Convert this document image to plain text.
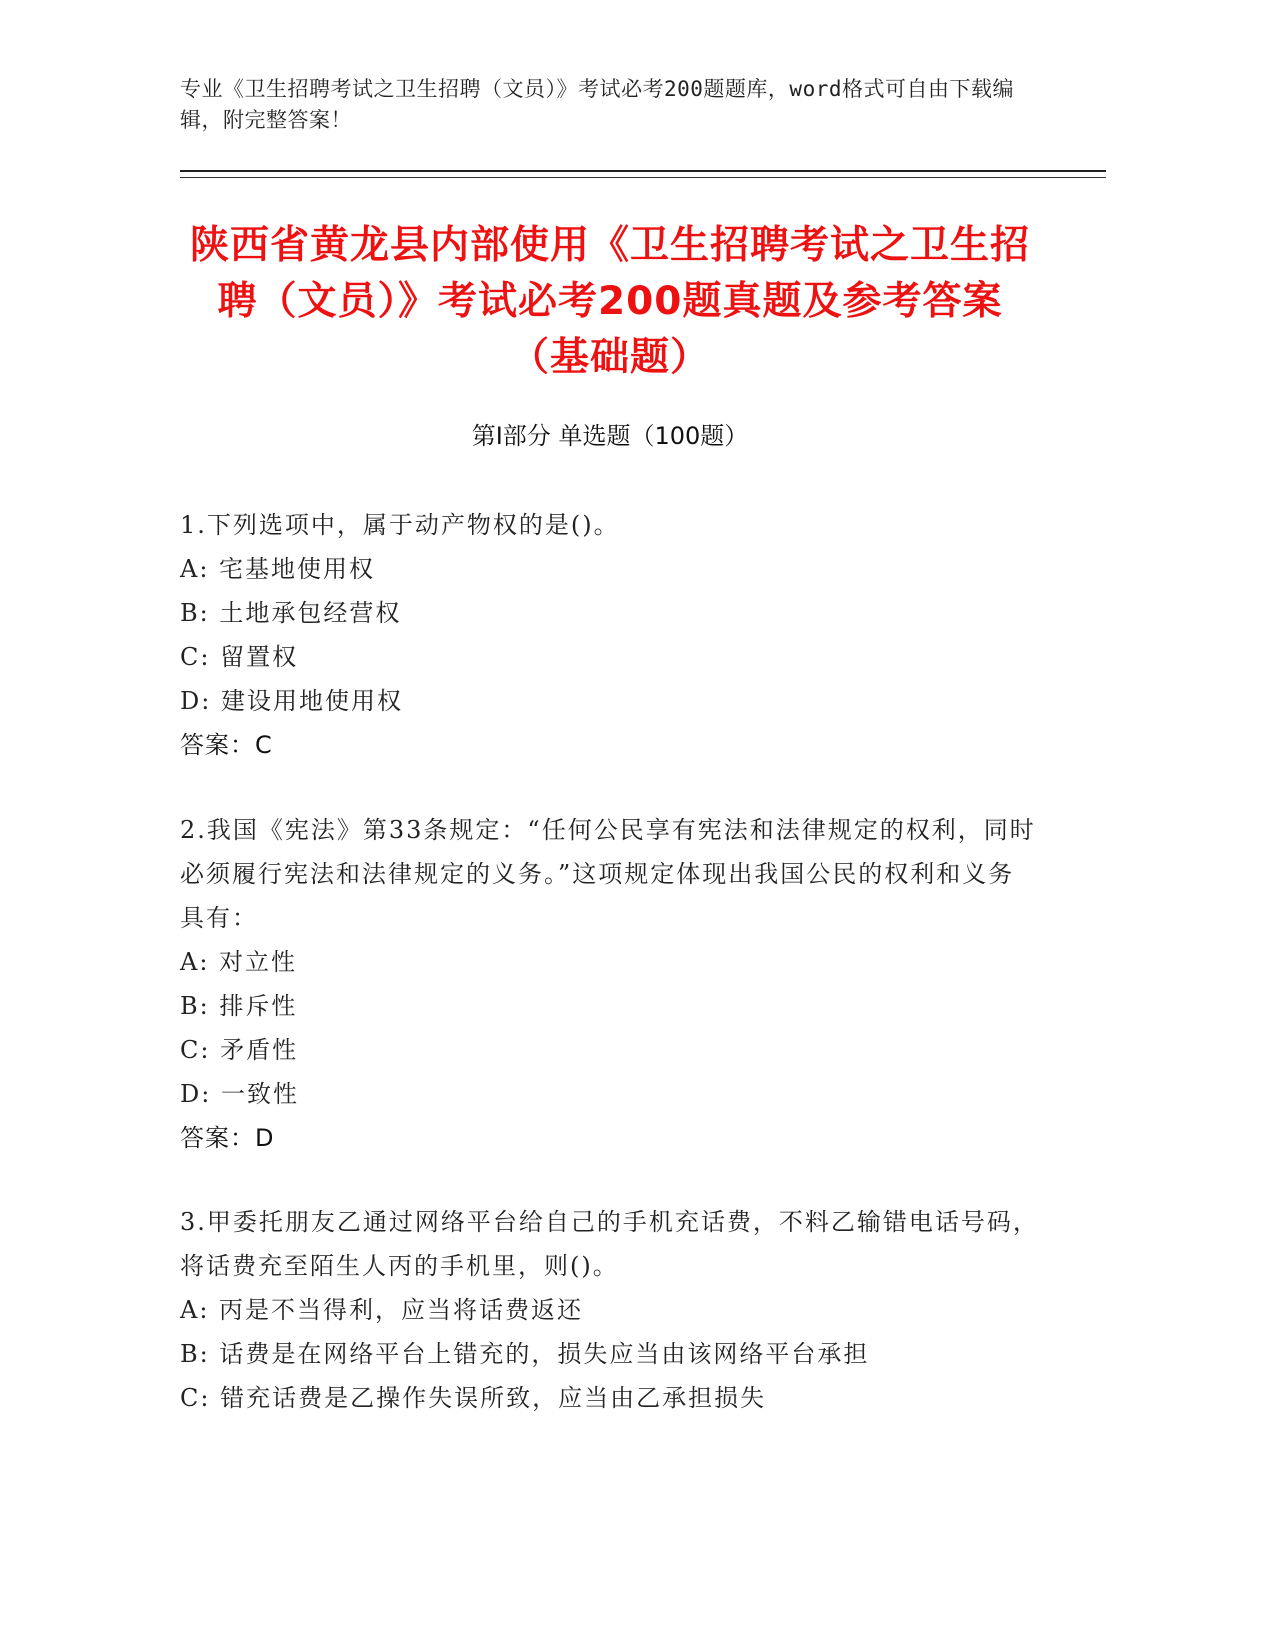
专业《卫生招聘考试之卫生招聘（文员）》考试必考200题题库，word格式可自由下载编辑，附完整答案！
陕西省黄龙县内部使用《卫生招聘考试之卫生招聘（文员）》考试必考200题真题及参考答案（基础题）
第Ⅰ部分 单选题（100题）
1.下列选项中，属于动产物权的是()。
A: 宅基地使用权
B: 土地承包经营权
C: 留置权
D: 建设用地使用权
答案：C
2.我国《宪法》第33条规定：“任何公民享有宪法和法律规定的权利，同时必须履行宪法和法律规定的义务。”这项规定体现出我国公民的权利和义务具有：
A: 对立性
B: 排斥性
C: 矛盾性
D: 一致性
答案：D
3.甲委托朋友乙通过网络平台给自己的手机充话费，不料乙输错电话号码，将话费充至陌生人丙的手机里，则()。
A: 丙是不当得利，应当将话费返还
B: 话费是在网络平台上错充的，损失应当由该网络平台承担
C: 错充话费是乙操作失误所致，应当由乙承担损失
